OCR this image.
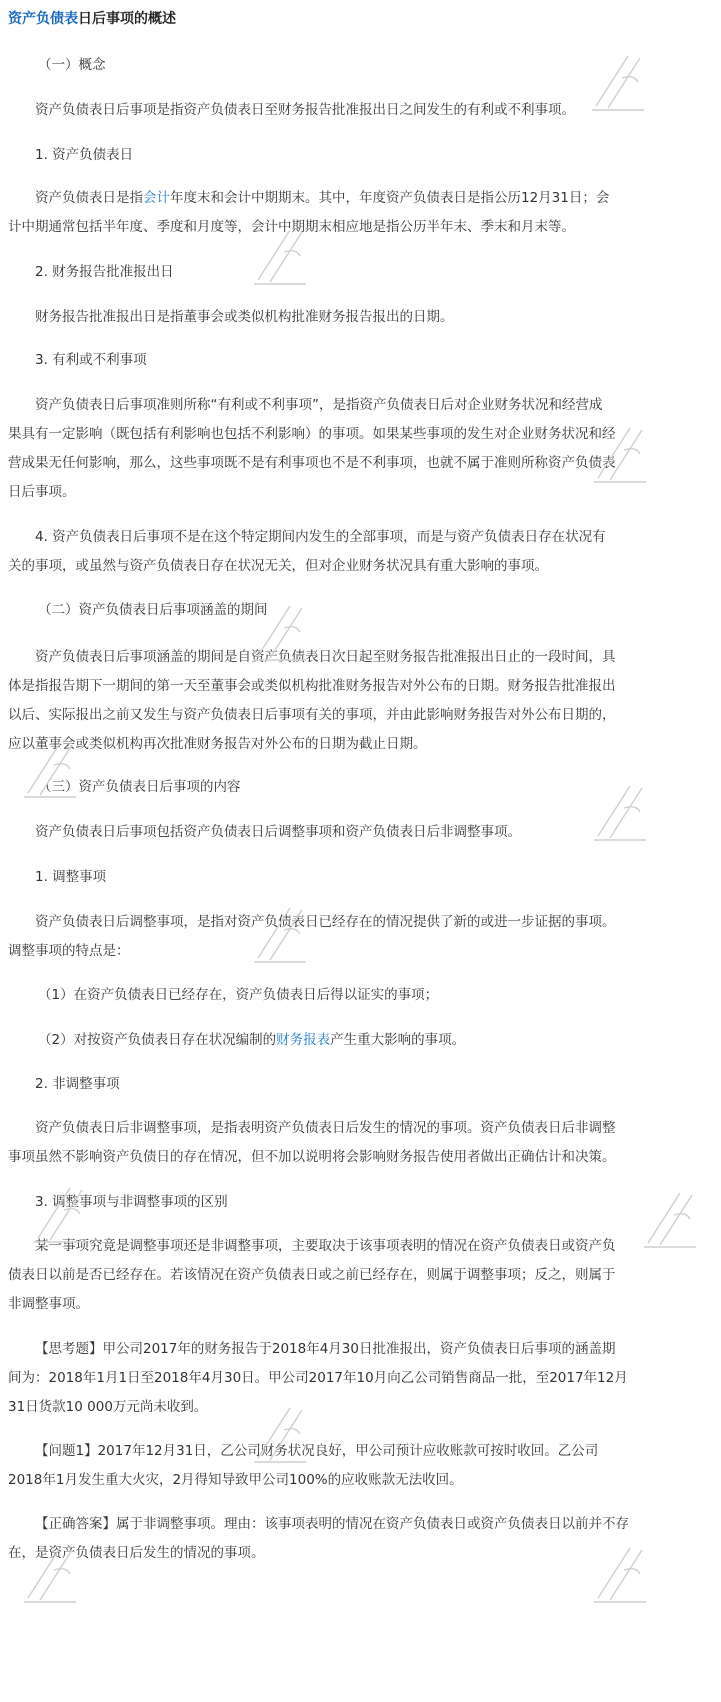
资产负债表日后事项的概述
（一）概念
资产负债表日后事项是指资产负债表日至财务报告批准报出日之间发生的有利或不利事项。
1. 资产负债表日
资产负债表日是指会计年度末和会计中期期末。其中，年度资产负债表日是指公历12月31日；会
计中期通常包括半年度、季度和月度等，会计中期期末相应地是指公历半年末、季末和月末等。
2. 财务报告批准报出日
财务报告批准报出日是指董事会或类似机构批准财务报告报出的日期。
3. 有利或不利事项
资产负债表日后事项准则所称“有利或不利事项”，是指资产负债表日后对企业财务状况和经营成
果具有一定影响（既包括有利影响也包括不利影响）的事项。如果某些事项的发生对企业财务状况和经
营成果无任何影响，那么，这些事项既不是有利事项也不是不利事项，也就不属于准则所称资产负债表
日后事项。
4. 资产负债表日后事项不是在这个特定期间内发生的全部事项，而是与资产负债表日存在状况有
关的事项，或虽然与资产负债表日存在状况无关，但对企业财务状况具有重大影响的事项。
（二）资产负债表日后事项涵盖的期间
资产负债表日后事项涵盖的期间是自资产负债表日次日起至财务报告批准报出日止的一段时间，具
体是指报告期下一期间的第一天至董事会或类似机构批准财务报告对外公布的日期。财务报告批准报出
以后、实际报出之前又发生与资产负债表日后事项有关的事项，并由此影响财务报告对外公布日期的，
应以董事会或类似机构再次批准财务报告对外公布的日期为截止日期。
（三）资产负债表日后事项的内容
资产负债表日后事项包括资产负债表日后调整事项和资产负债表日后非调整事项。
1. 调整事项
资产负债表日后调整事项，是指对资产负债表日已经存在的情况提供了新的或进一步证据的事项。
调整事项的特点是：
（1）在资产负债表日已经存在，资产负债表日后得以证实的事项；
（2）对按资产负债表日存在状况编制的财务报表产生重大影响的事项。
2. 非调整事项
资产负债表日后非调整事项，是指表明资产负债表日后发生的情况的事项。资产负债表日后非调整
事项虽然不影响资产负债日的存在情况，但不加以说明将会影响财务报告使用者做出正确估计和决策。
3. 调整事项与非调整事项的区别
某一事项究竟是调整事项还是非调整事项，主要取决于该事项表明的情况在资产负债表日或资产负
债表日以前是否已经存在。若该情况在资产负债表日或之前已经存在，则属于调整事项；反之，则属于
非调整事项。
【思考题】甲公司2017年的财务报告于2018年4月30日批准报出，资产负债表日后事项的涵盖期
间为：2018年1月1日至2018年4月30日。甲公司2017年10月向乙公司销售商品一批，至2017年12月
31日货款10 000万元尚未收到。
【问题1】2017年12月31日，乙公司财务状况良好，甲公司预计应收账款可按时收回。乙公司
2018年1月发生重大火灾，2月得知导致甲公司100%的应收账款无法收回。
【正确答案】属于非调整事项。理由：该事项表明的情况在资产负债表日或资产负债表日以前并不存
在，是资产负债表日后发生的情况的事项。
